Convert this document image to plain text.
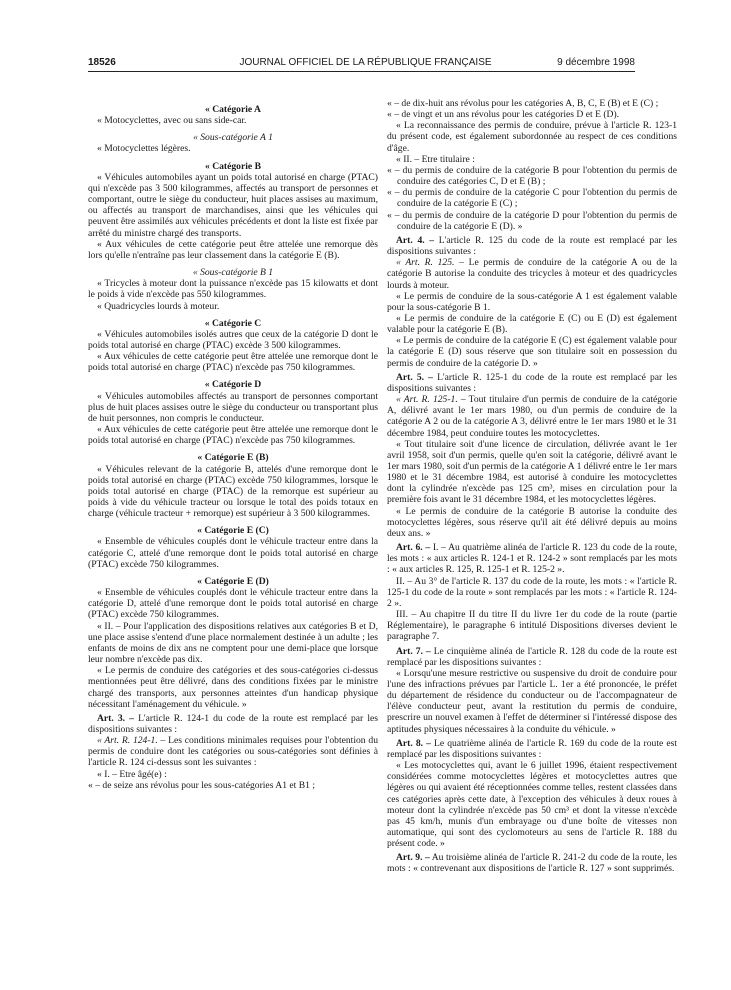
18526	JOURNAL OFFICIEL DE LA RÉPUBLIQUE FRANÇAISE	9 décembre 1998

« Catégorie A

« Motocyclettes, avec ou sans side-car.

« Sous-catégorie A 1

« Motocyclettes légères.

« Catégorie B

« Véhicules automobiles ayant un poids total autorisé en charge (PTAC) qui n'excède pas 3 500 kilogrammes, affectés au transport de personnes et comportant, outre le siège du conducteur, huit places assises au maximum, ou affectés au transport de marchandises, ainsi que les véhicules qui peuvent être assimilés aux véhicules précédents et dont la liste est fixée par arrêté du ministre chargé des transports.

« Aux véhicules de cette catégorie peut être attelée une remorque dès lors qu'elle n'entraîne pas leur classement dans la catégorie E (B).

« Sous-catégorie B 1

« Tricycles à moteur dont la puissance n'excède pas 15 kilowatts et dont le poids à vide n'excède pas 550 kilogrammes.

« Quadricycles lourds à moteur.

« Catégorie C

« Véhicules automobiles isolés autres que ceux de la catégorie D dont le poids total autorisé en charge (PTAC) excède 3 500 kilogrammes.

« Aux véhicules de cette catégorie peut être attelée une remorque dont le poids total autorisé en charge (PTAC) n'excède pas 750 kilogrammes.

« Catégorie D

« Véhicules automobiles affectés au transport de personnes comportant plus de huit places assises outre le siège du conducteur ou transportant plus de huit personnes, non compris le conducteur.

« Aux véhicules de cette catégorie peut être attelée une remorque dont le poids total autorisé en charge (PTAC) n'excède pas 750 kilogrammes.

« Catégorie E (B)

« Véhicules relevant de la catégorie B, attelés d'une remorque dont le poids total autorisé en charge (PTAC) excède 750 kilogrammes, lorsque le poids total autorisé en charge (PTAC) de la remorque est supérieur au poids à vide du véhicule tracteur ou lorsque le total des poids totaux en charge (véhicule tracteur + remorque) est supérieur à 3 500 kilogrammes.

« Catégorie E (C)

« Ensemble de véhicules couplés dont le véhicule tracteur entre dans la catégorie C, attelé d'une remorque dont le poids total autorisé en charge (PTAC) excède 750 kilogrammes.

« Catégorie E (D)

« Ensemble de véhicules couplés dont le véhicule tracteur entre dans la catégorie D, attelé d'une remorque dont le poids total autorisé en charge (PTAC) excède 750 kilogrammes.

« II. – Pour l'application des dispositions relatives aux catégories B et D, une place assise s'entend d'une place normalement destinée à un adulte ; les enfants de moins de dix ans ne comptent pour une demi-place que lorsque leur nombre n'excède pas dix.

« Le permis de conduire des catégories et des sous-catégories ci-dessus mentionnées peut être délivré, dans des conditions fixées par le ministre chargé des transports, aux personnes atteintes d'un handicap physique nécessitant l'aménagement du véhicule. »

Art. 3. – L'article R. 124-1 du code de la route est remplacé par les dispositions suivantes :

« Art. R. 124-1. – Les conditions minimales requises pour l'obtention du permis de conduire dont les catégories ou sous-catégories sont définies à l'article R. 124 ci-dessus sont les suivantes :

« I. – Etre âgé(e) :

« – de seize ans révolus pour les sous-catégories A1 et B1 ;

« – de dix-huit ans révolus pour les catégories A, B, C, E (B) et E (C) ;

« – de vingt et un ans révolus pour les catégories D et E (D).

« La reconnaissance des permis de conduire, prévue à l'article R. 123-1 du présent code, est également subordonnée au respect de ces conditions d'âge.

« II. – Etre titulaire :

« – du permis de conduire de la catégorie B pour l'obtention du permis de conduire des catégories C, D et E (B) ;

« – du permis de conduire de la catégorie C pour l'obtention du permis de conduire de la catégorie E (C) ;

« – du permis de conduire de la catégorie D pour l'obtention du permis de conduire de la catégorie E (D). »

Art. 4. – L'article R. 125 du code de la route est remplacé par les dispositions suivantes :

« Art. R. 125. – Le permis de conduire de la catégorie A ou de la catégorie B autorise la conduite des tricycles à moteur et des quadricycles lourds à moteur.

« Le permis de conduire de la sous-catégorie A 1 est également valable pour la sous-catégorie B 1.

« Le permis de conduire de la catégorie E (C) ou E (D) est également valable pour la catégorie E (B).

« Le permis de conduire de la catégorie E (C) est également valable pour la catégorie E (D) sous réserve que son titulaire soit en possession du permis de conduire de la catégorie D. »

Art. 5. – L'article R. 125-1 du code de la route est remplacé par les dispositions suivantes :

« Art. R. 125-1. – Tout titulaire d'un permis de conduire de la catégorie A, délivré avant le 1er mars 1980, ou d'un permis de conduire de la catégorie A 2 ou de la catégorie A 3, délivré entre le 1er mars 1980 et le 31 décembre 1984, peut conduire toutes les motocyclettes.

« Tout titulaire soit d'une licence de circulation, délivrée avant le 1er avril 1958, soit d'un permis, quelle qu'en soit la catégorie, délivré avant le 1er mars 1980, soit d'un permis de la catégorie A 1 délivré entre le 1er mars 1980 et le 31 décembre 1984, est autorisé à conduire les motocyclettes dont la cylindrée n'excède pas 125 cm³, mises en circulation pour la première fois avant le 31 décembre 1984, et les motocyclettes légères.

« Le permis de conduire de la catégorie B autorise la conduite des motocyclettes légères, sous réserve qu'il ait été délivré depuis au moins deux ans. »

Art. 6. – I. – Au quatrième alinéa de l'article R. 123 du code de la route, les mots : « aux articles R. 124-1 et R. 124-2 » sont remplacés par les mots : « aux articles R. 125, R. 125-1 et R. 125-2 ».

II. – Au 3° de l'article R. 137 du code de la route, les mots : « l'article R. 125-1 du code de la route » sont remplacés par les mots : « l'article R. 124-2 ».

III. – Au chapitre II du titre II du livre 1er du code de la route (partie Réglementaire), le paragraphe 6 intitulé Dispositions diverses devient le paragraphe 7.

Art. 7. – Le cinquième alinéa de l'article R. 128 du code de la route est remplacé par les dispositions suivantes :

« Lorsqu'une mesure restrictive ou suspensive du droit de conduire pour l'une des infractions prévues par l'article L. 1er a été prononcée, le préfet du département de résidence du conducteur ou de l'accompagnateur de l'élève conducteur peut, avant la restitution du permis de conduire, prescrire un nouvel examen à l'effet de déterminer si l'intéressé dispose des aptitudes physiques nécessaires à la conduite du véhicule. »

Art. 8. – Le quatrième alinéa de l'article R. 169 du code de la route est remplacé par les dispositions suivantes :

« Les motocyclettes qui, avant le 6 juillet 1996, étaient respectivement considérées comme motocyclettes légères et motocyclettes autres que légères ou qui avaient été réceptionnées comme telles, restent classées dans ces catégories après cette date, à l'exception des véhicules à deux roues à moteur dont la cylindrée n'excède pas 50 cm³ et dont la vitesse n'excède pas 45 km/h, munis d'un embrayage ou d'une boîte de vitesses non automatique, qui sont des cyclomoteurs au sens de l'article R. 188 du présent code. »

Art. 9. – Au troisième alinéa de l'article R. 241-2 du code de la route, les mots : « contrevenant aux dispositions de l'article R. 127 » sont supprimés.
